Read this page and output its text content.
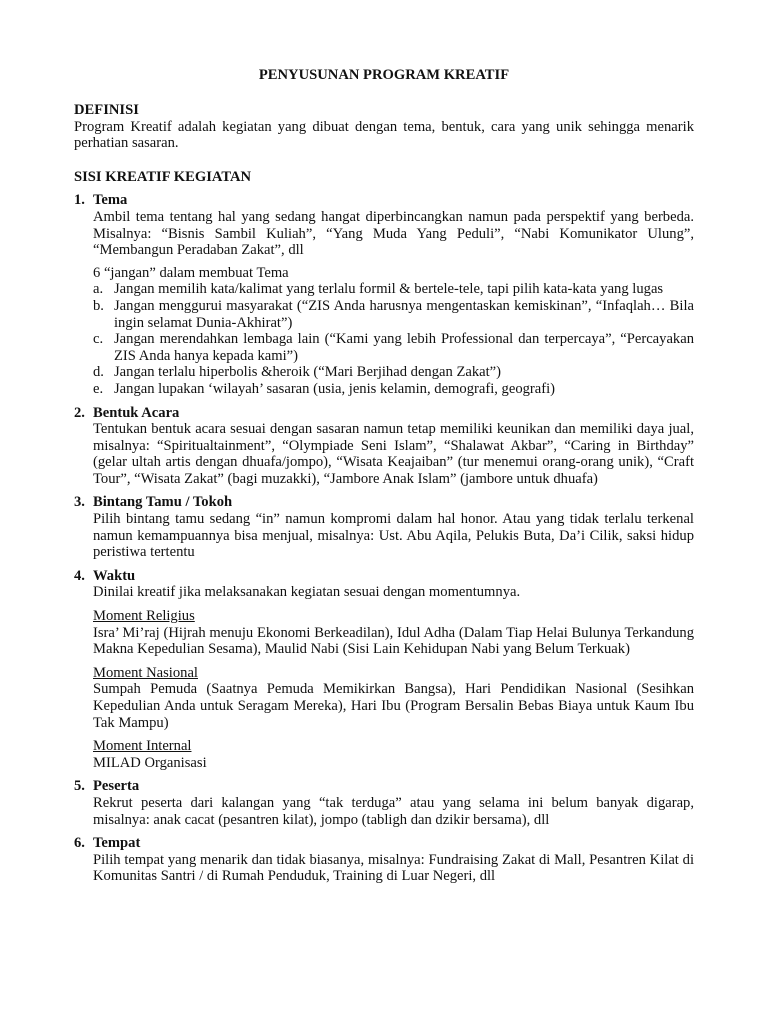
PENYUSUNAN PROGRAM KREATIF
DEFINISI

Program Kreatif adalah kegiatan yang dibuat dengan tema, bentuk, cara yang unik sehingga menarik perhatian sasaran.

SISI KREATIF KEGIATAN
1. Tema

Ambil tema tentang hal yang sedang hangat diperbincangkan namun pada perspektif yang berbeda. Misalnya: “Bisnis Sambil Kuliah”, “Yang Muda Yang Peduli”, “Nabi Komunikator Ulung”, “Membangun Peradaban Zakat”, dll

6 “jangan” dalam membuat Tema
a. Jangan memilih kata/kalimat yang terlalu formil & bertele-tele, tapi pilih kata-kata yang lugas
b. Jangan menggurui masyarakat (“ZIS Anda harusnya mengentaskan kemiskinan”, “Infaqlah… Bila ingin selamat Dunia-Akhirat”)
c. Jangan merendahkan lembaga lain (“Kami yang lebih Professional dan terpercaya”, “Percayakan ZIS Anda hanya kepada kami”)
d. Jangan terlalu hiperbolis &heroik (“Mari Berjihad dengan Zakat”)
e. Jangan lupakan ‘wilayah’ sasaran (usia, jenis kelamin, demografi, geografi)
2. Bentuk Acara

Tentukan bentuk acara sesuai dengan sasaran namun tetap memiliki keunikan dan memiliki daya jual, misalnya: “Spiritualtainment”, “Olympiade Seni Islam”, “Shalawat Akbar”, “Caring in Birthday” (gelar ultah artis dengan dhuafa/jompo), “Wisata Keajaiban” (tur menemui orang-orang unik), “Craft Tour”, “Wisata Zakat” (bagi muzakki), “Jambore Anak Islam” (jambore untuk dhuafa)

3. Bintang Tamu / Tokoh

Pilih bintang tamu sedang “in” namun kompromi dalam hal honor. Atau yang tidak terlalu terkenal namun kemampuannya bisa menjual, misalnya: Ust. Abu Aqila, Pelukis Buta, Da’i Cilik, saksi hidup peristiwa tertentu

4. Waktu

Dinilai kreatif jika melaksanakan kegiatan sesuai dengan momentumnya.

Moment Religius

Isra’ Mi’raj (Hijrah menuju Ekonomi Berkeadilan), Idul Adha (Dalam Tiap Helai Bulunya Terkandung Makna Kepedulian Sesama), Maulid Nabi (Sisi Lain Kehidupan Nabi yang Belum Terkuak)

Moment Nasional

Sumpah Pemuda (Saatnya Pemuda Memikirkan Bangsa), Hari Pendidikan Nasional (Sesihkan Kepedulian Anda untuk Seragam Mereka), Hari Ibu (Program Bersalin Bebas Biaya untuk Kaum Ibu Tak Mampu)

Moment Internal

MILAD Organisasi

5. Peserta

Rekrut peserta dari kalangan yang “tak terduga” atau yang selama ini belum banyak digarap, misalnya: anak cacat (pesantren kilat), jompo (tabligh dan dzikir bersama), dll

6. Tempat

Pilih tempat yang menarik dan tidak biasanya, misalnya: Fundraising Zakat di Mall, Pesantren Kilat di Komunitas Santri / di Rumah Penduduk, Training di Luar Negeri, dll
